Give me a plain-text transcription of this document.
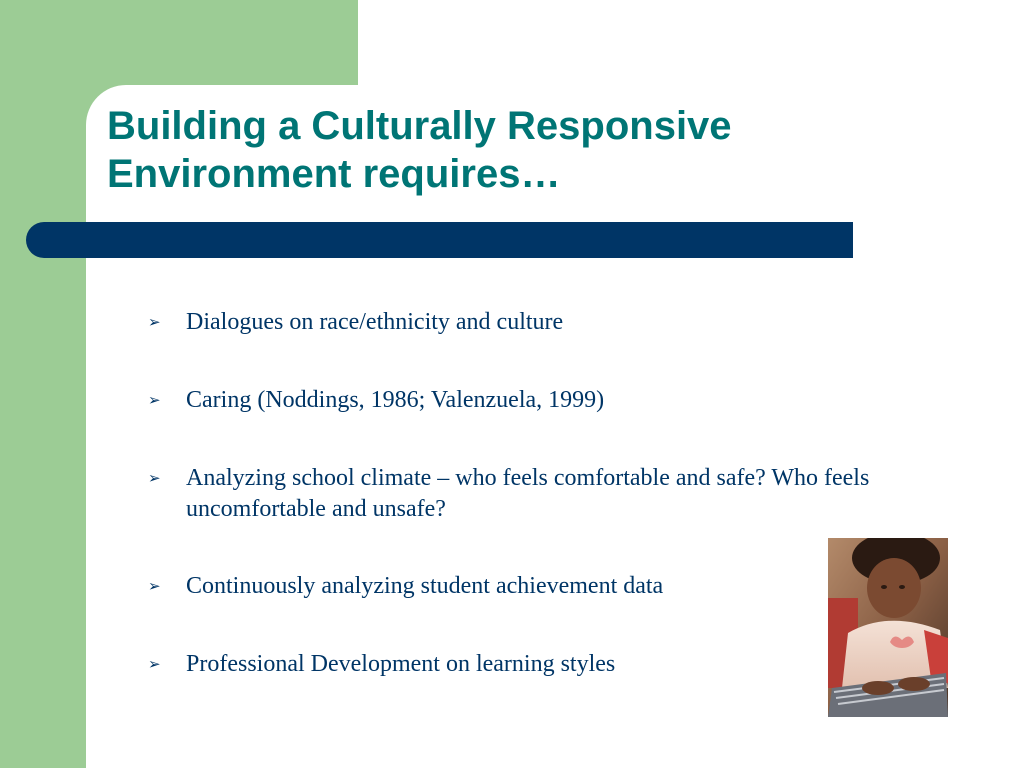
Building a Culturally Responsive
Environment requires…
➢	Dialogues on race/ethnicity and culture
➢	Caring (Noddings, 1986; Valenzuela, 1999)
➢	Analyzing school climate – who feels comfortable and safe? Who feels uncomfortable and unsafe?
➢	Continuously analyzing student achievement data
➢	Professional Development on learning styles
